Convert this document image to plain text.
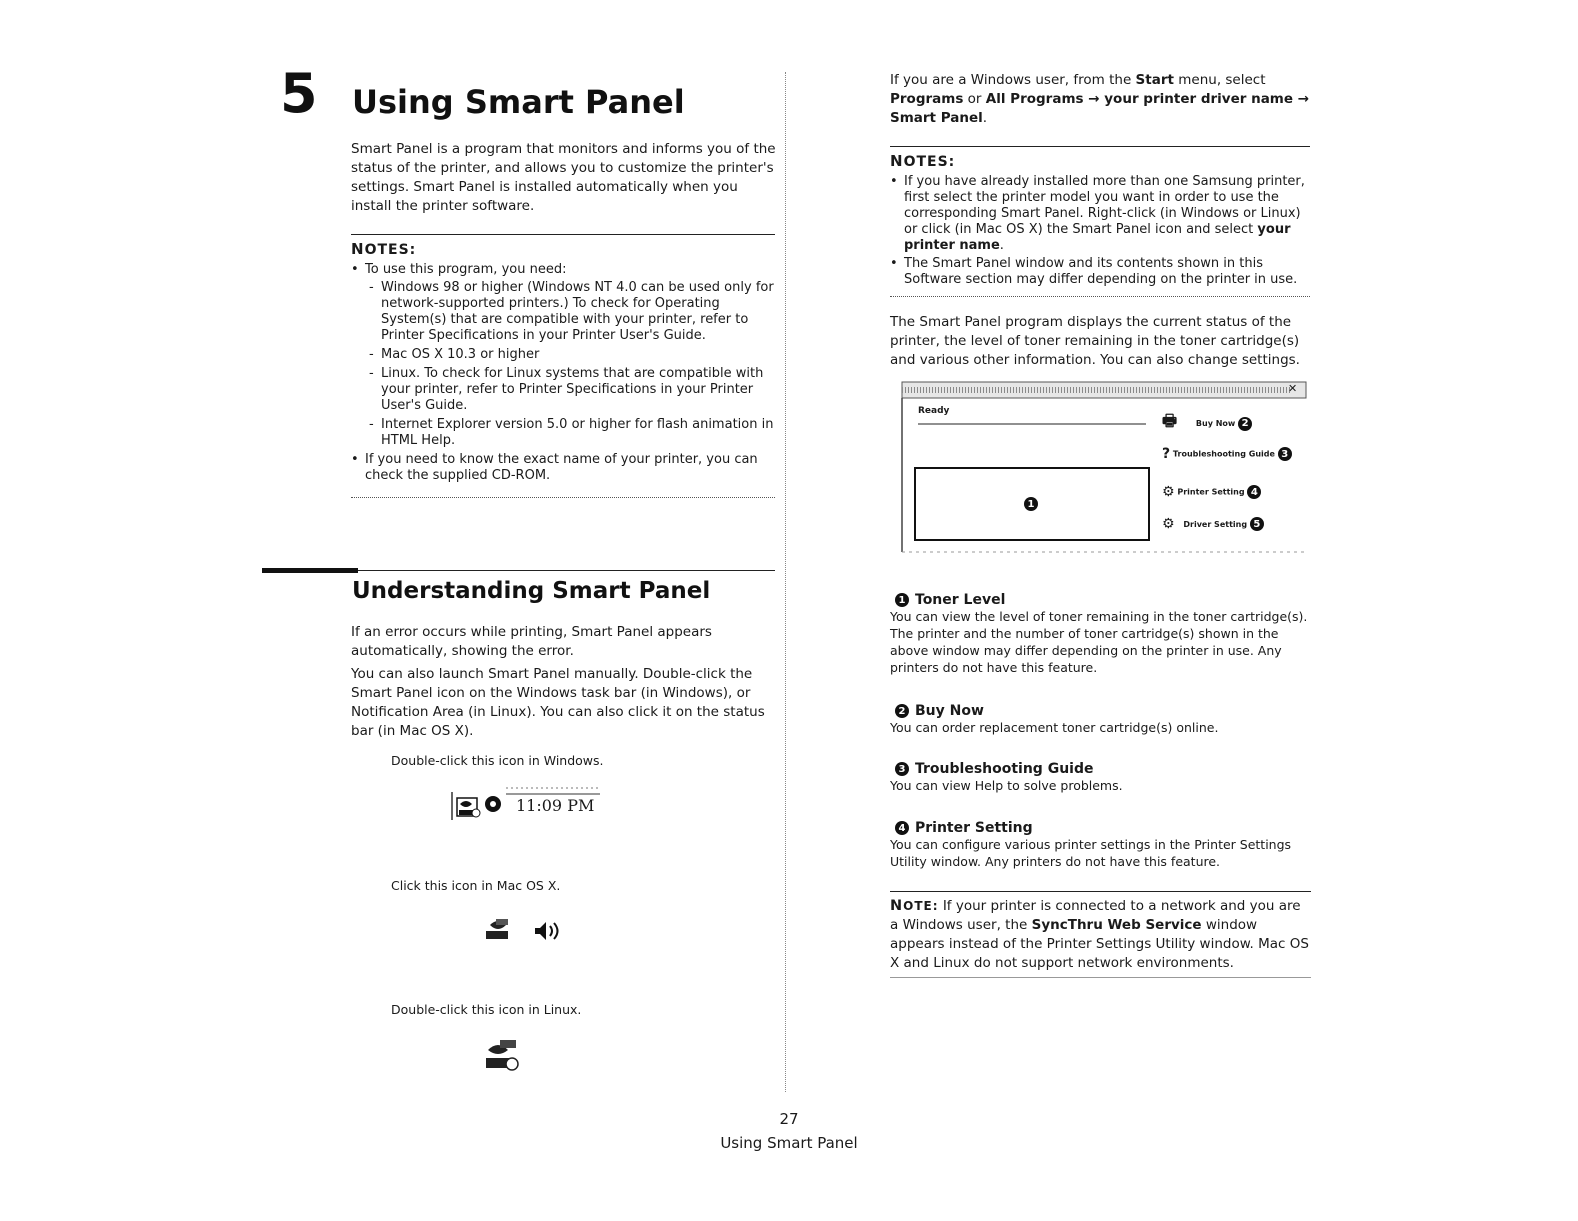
5 Using Smart Panel

Smart Panel is a program that monitors and informs you of the status of the printer, and allows you to customize the printer's settings. Smart Panel is installed automatically when you install the printer software.

NOTES:
• To use this program, you need:
- Windows 98 or higher (Windows NT 4.0 can be used only for network-supported printers.) To check for Operating System(s) that are compatible with your printer, refer to Printer Specifications in your Printer User's Guide.
- Mac OS X 10.3 or higher
- Linux. To check for Linux systems that are compatible with your printer, refer to Printer Specifications in your Printer User's Guide.
- Internet Explorer version 5.0 or higher for flash animation in HTML Help.
• If you need to know the exact name of your printer, you can check the supplied CD-ROM.
Understanding Smart Panel

If an error occurs while printing, Smart Panel appears automatically, showing the error.

You can also launch Smart Panel manually. Double-click the Smart Panel icon on the Windows task bar (in Windows), or Notification Area (in Linux). You can also click it on the status bar (in Mac OS X).

Double-click this icon in Windows.

11:09 PM

Click this icon in Mac OS X.

Double-click this icon in Linux.

If you are a Windows user, from the Start menu, select Programs or All Programs → your printer driver name → Smart Panel.

NOTES:
• If you have already installed more than one Samsung printer, first select the printer model you want in order to use the corresponding Smart Panel. Right-click (in Windows or Linux) or click (in Mac OS X) the Smart Panel icon and select your printer name.
• The Smart Panel window and its contents shown in this Software section may differ depending on the printer in use.

The Smart Panel program displays the current status of the printer, the level of toner remaining in the toner cartridge(s) and various other information. You can also change settings.

✕
Ready
1
🖶 Buy Now 2
? Troubleshooting Guide 3
⚙ Printer Setting 4
⚙ Driver Setting 5
1 Toner Level

You can view the level of toner remaining in the toner cartridge(s). The printer and the number of toner cartridge(s) shown in the above window may differ depending on the printer in use. Any printers do not have this feature.

2 Buy Now

You can order replacement toner cartridge(s) online.

3 Troubleshooting Guide

You can view Help to solve problems.

4 Printer Setting

You can configure various printer settings in the Printer Settings Utility window. Any printers do not have this feature.

NOTE: If your printer is connected to a network and you are a Windows user, the SyncThru Web Service window appears instead of the Printer Settings Utility window. Mac OS X and Linux do not support network environments.

27
Using Smart Panel
